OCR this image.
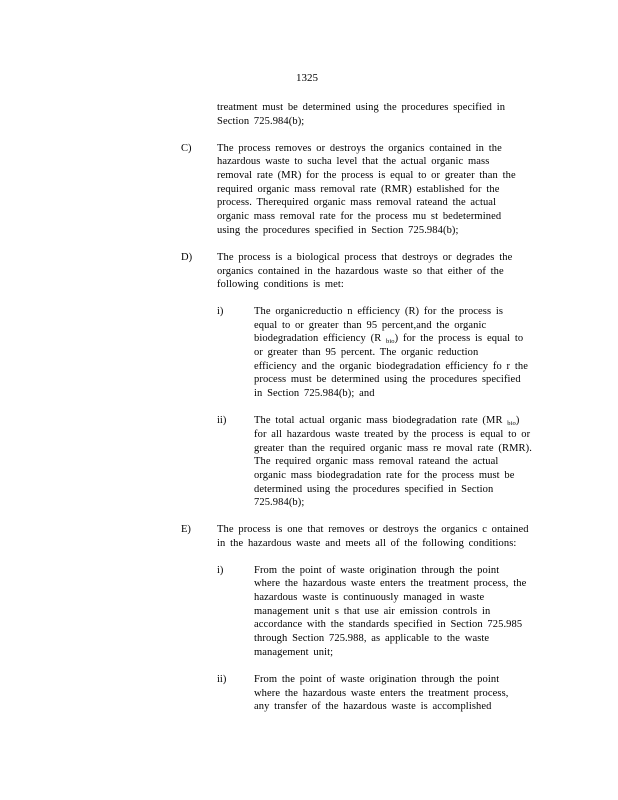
1325
treatment must be determined using the procedures specified in
Section 725.984(b);
C) The process removes or destroys the organics contained in the
hazardous waste to sucha level that the actual organic mass
removal rate (MR) for the process is equal to or greater than the
required organic mass removal rate (RMR) established for the
process. Therequired organic mass removal rateand the actual
organic mass removal rate for the process mu st bedetermined
using the procedures specified in Section 725.984(b);
D) The process is a biological process that destroys or degrades the
organics contained in the hazardous waste so that either of the
following conditions is met:
i)	The organicreductio n efficiency (R) for the process is
equal to or greater than 95 percent,and the organic
biodegradation efficiency (R $_{bio}$) for the process is equal to
or greater than 95 percent. The organic reduction
efficiency and the organic biodegradation efficiency fo r the
process must be determined using the procedures specified
in Section 725.984(b); and
ii)	The total actual organic mass biodegradation rate (MR $_{bio}$)
for all hazardous waste treated by the process is equal to or
greater than the required organic mass re moval rate (RMR).
The required organic mass removal rateand the actual
organic mass biodegradation rate for the process must be
determined using the procedures specified in Section
725.984(b);
E) The process is one that removes or destroys the organics c ontained
in the hazardous waste and meets all of the following conditions:
i)	From the point of waste origination through the point
where the hazardous waste enters the treatment process, the
hazardous waste is continuously managed in waste
management unit s that use air emission controls in
accordance with the standards specified in Section 725.985
through Section 725.988, as applicable to the waste
management unit;
ii)	From the point of waste origination through the point
where the hazardous waste enters the treatment process,
any transfer of the hazardous waste is accomplished
